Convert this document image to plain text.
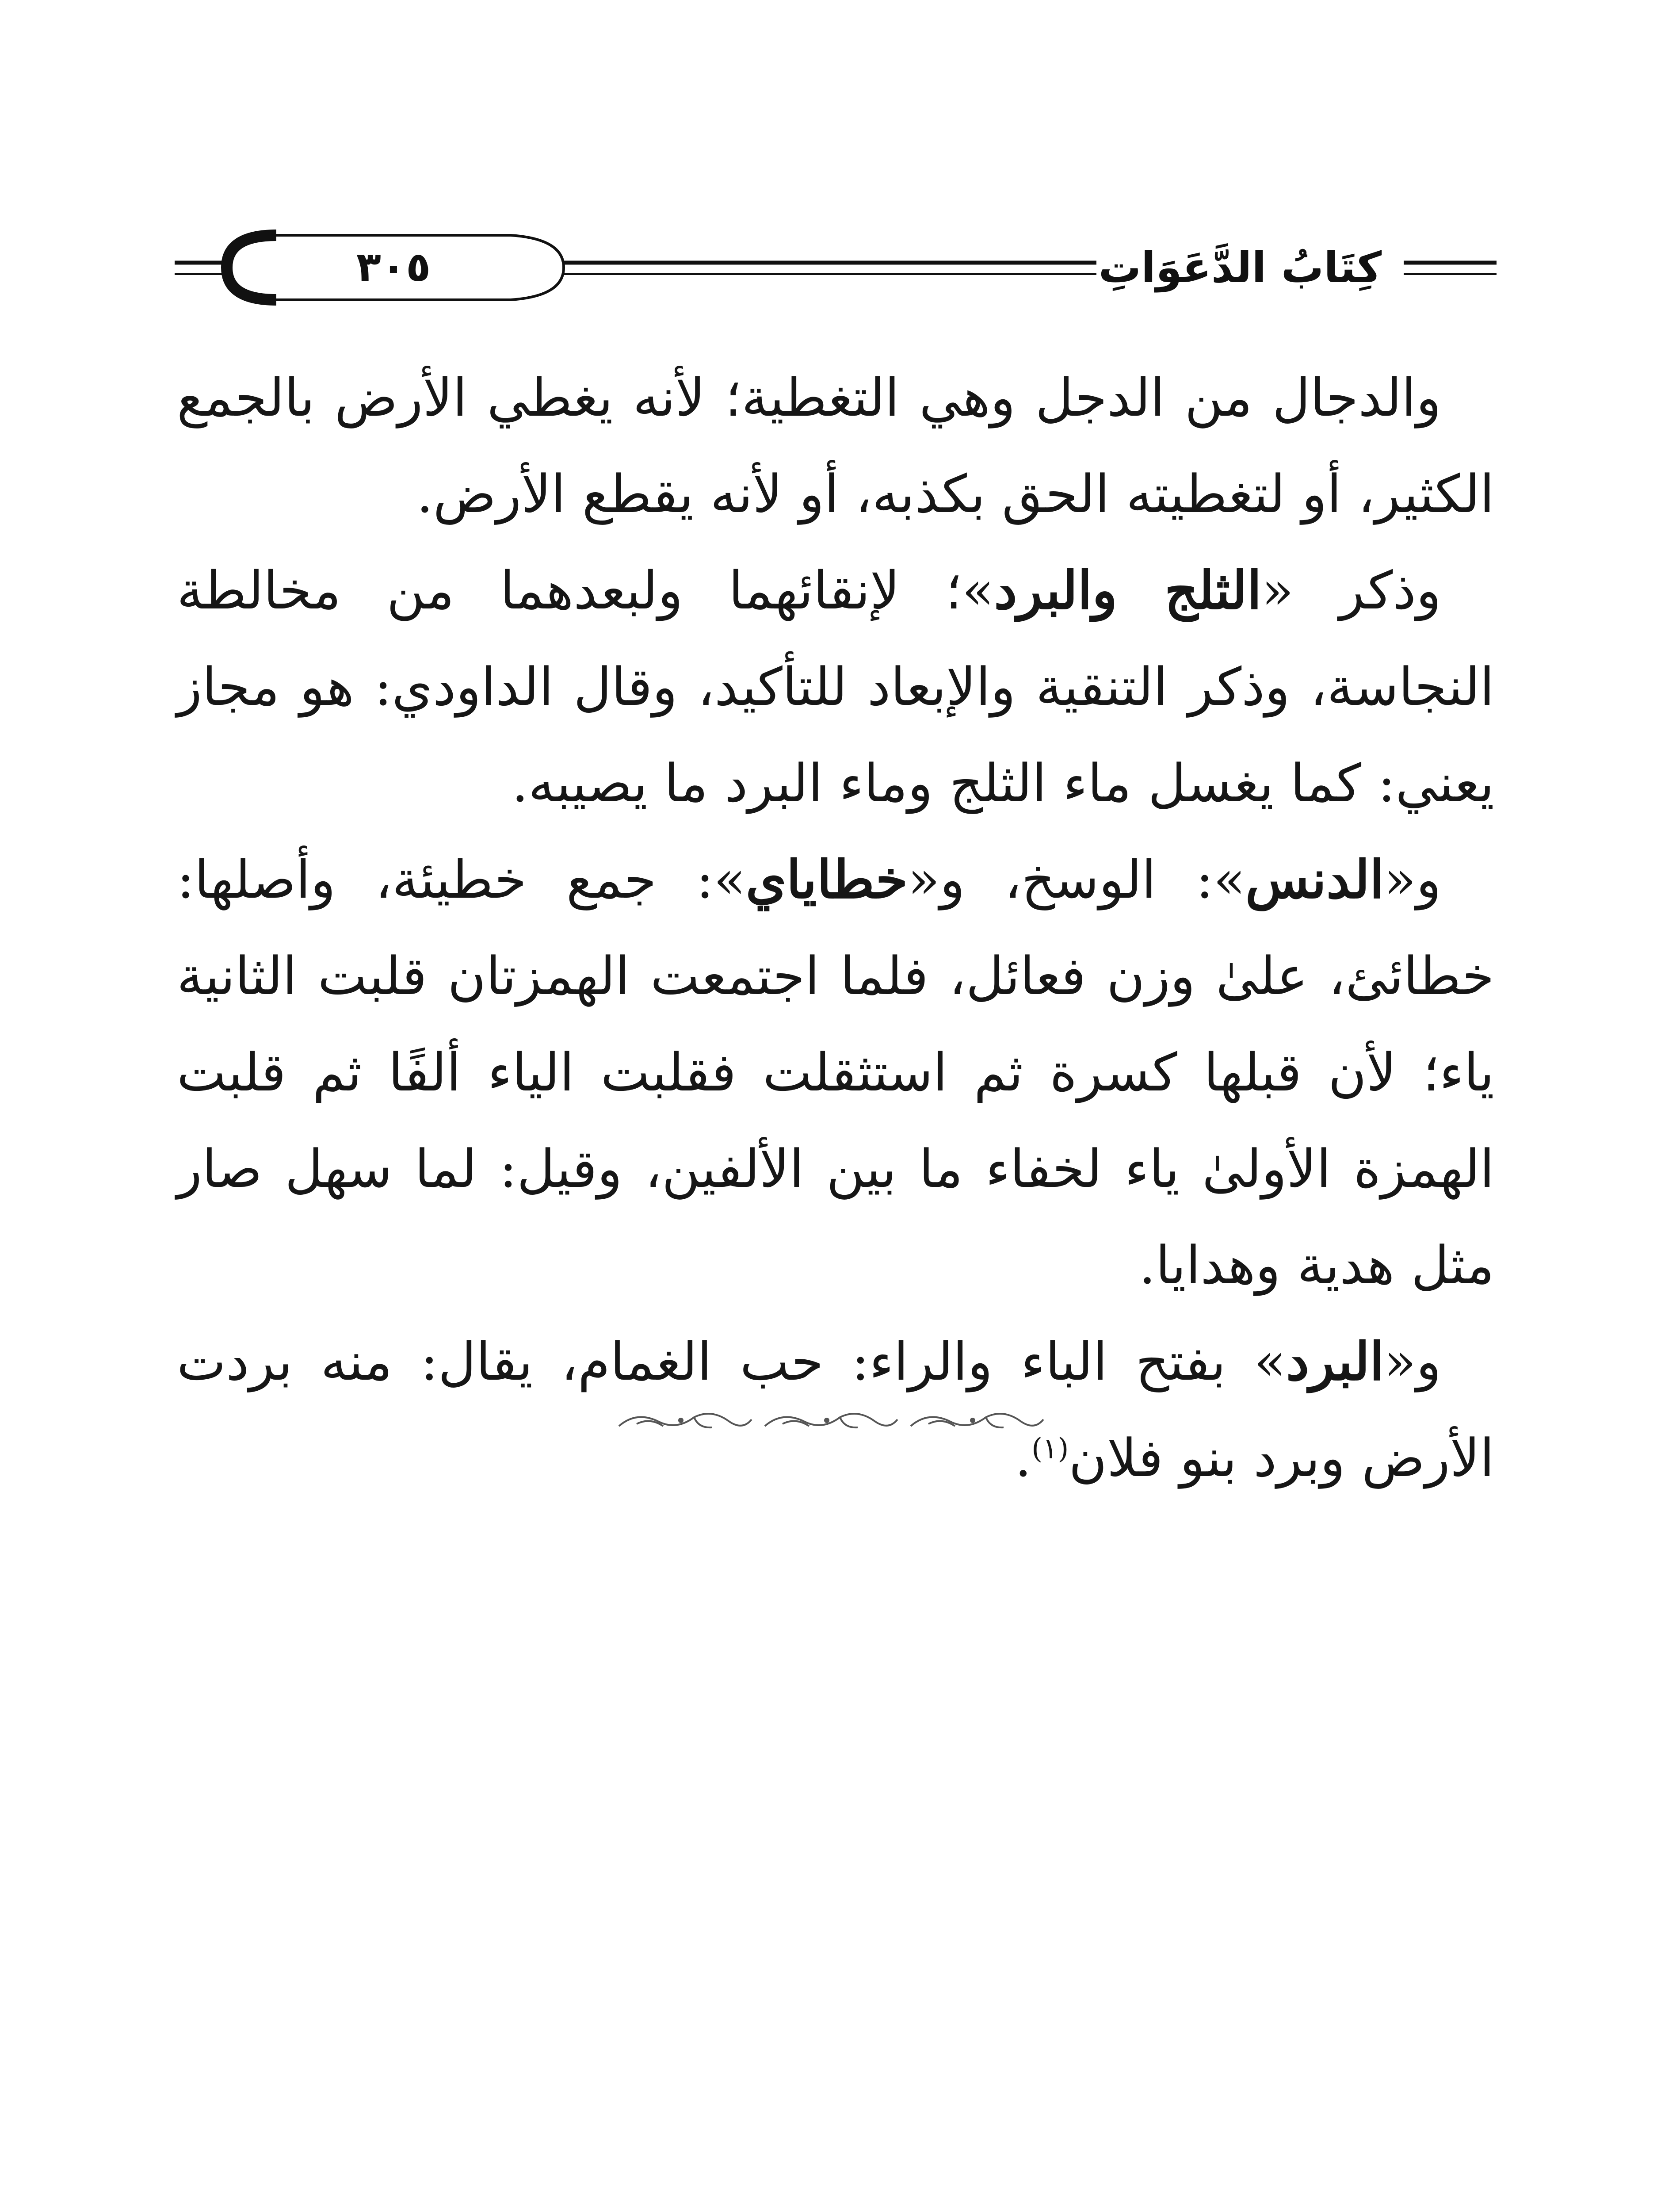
٣٠٥	كِتَابُ الدَّعَوَاتِ

والدجال من الدجل وهي التغطية؛ لأنه يغطي الأرض بالجمع الكثير، أو لتغطيته الحق بكذبه، أو لأنه يقطع الأرض.

وذكر «الثلج والبرد»؛ لإنقائهما ولبعدهما من مخالطة النجاسة، وذكر التنقية والإبعاد للتأكيد، وقال الداودي: هو مجاز يعني: كما يغسل ماء الثلج وماء البرد ما يصيبه.

و«الدنس»: الوسخ، و«خطاياي»: جمع خطيئة، وأصلها: خطائئ، علىٰ وزن فعائل، فلما اجتمعت الهمزتان قلبت الثانية ياء؛ لأن قبلها كسرة ثم استثقلت فقلبت الياء ألفًا ثم قلبت الهمزة الأولىٰ ياء لخفاء ما بين الألفين، وقيل: لما سهل صار مثل هدية وهدايا.

و«البرد» بفتح الباء والراء: حب الغمام، يقال: منه بردت الأرض وبرد بنو فلان$^{(١)}$.
